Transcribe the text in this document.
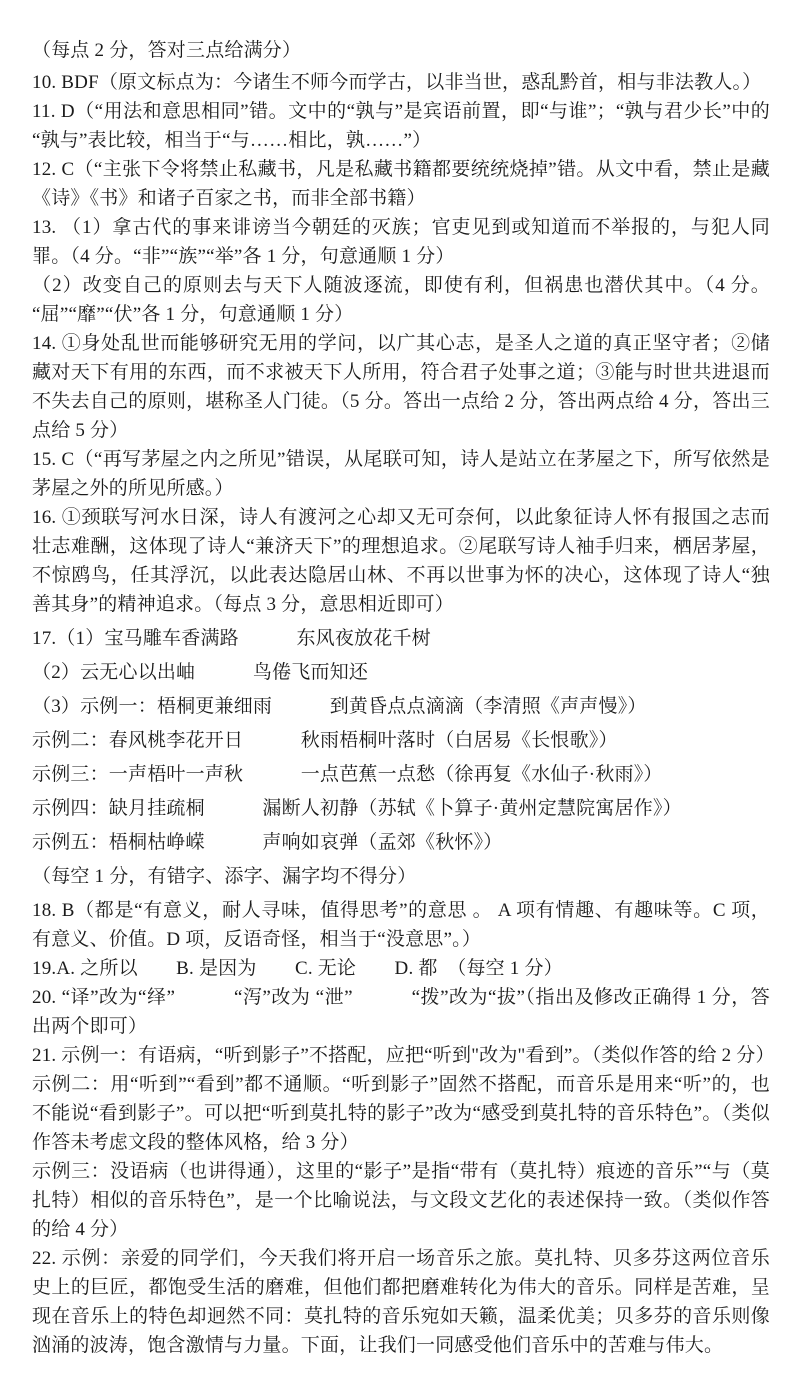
（每点 2 分，答对三点给满分）

10. BDF（原文标点为：今诸生不师今而学古，以非当世，惑乱黔首，相与非法教人。）

11. D（“用法和意思相同”错。文中的“孰与”是宾语前置，即“与谁”；“孰与君少长”中的“孰与”表比较，相当于“与……相比，孰……”）

12. C（“主张下令将禁止私藏书，凡是私藏书籍都要统统烧掉”错。从文中看，禁止是藏《诗》《书》和诸子百家之书，而非全部书籍）

13. （1）拿古代的事来诽谤当今朝廷的灭族；官吏见到或知道而不举报的，与犯人同罪。（4 分。“非”“族”“举”各 1 分，句意通顺 1 分）

（2）改变自己的原则去与天下人随波逐流，即使有利，但祸患也潜伏其中。（4 分。“屈”“靡”“伏”各 1 分，句意通顺 1 分）

14. ①身处乱世而能够研究无用的学问，以广其心志，是圣人之道的真正坚守者；②储藏对天下有用的东西，而不求被天下人所用，符合君子处事之道；③能与时世共进退而不失去自己的原则，堪称圣人门徒。（5 分。答出一点给 2 分，答出两点给 4 分，答出三点给 5 分）

15. C（“再写茅屋之内之所见”错误，从尾联可知，诗人是站立在茅屋之下，所写依然是茅屋之外的所见所感。）

16. ①颈联写河水日深，诗人有渡河之心却又无可奈何，以此象征诗人怀有报国之志而壮志难酬，这体现了诗人“兼济天下”的理想追求。②尾联写诗人袖手归来，栖居茅屋，不惊鸥鸟，任其浮沉，以此表达隐居山林、不再以世事为怀的决心，这体现了诗人“独善其身”的精神追求。（每点 3 分，意思相近即可）

17.（1）宝马雕车香满路　　　东风夜放花千树

（2）云无心以出岫　　　鸟倦飞而知还

（3）示例一：梧桐更兼细雨　　　到黄昏点点滴滴（李清照《声声慢》）

示例二：春风桃李花开日　　　秋雨梧桐叶落时（白居易《长恨歌》）

示例三：一声梧叶一声秋　　　一点芭蕉一点愁（徐再复《水仙子·秋雨》）

示例四：缺月挂疏桐　　　漏断人初静（苏轼《卜算子·黄州定慧院寓居作》）

示例五：梧桐枯峥嵘　　　声响如哀弹（孟郊《秋怀》）

（每空 1 分，有错字、添字、漏字均不得分）

18. B（都是“有意义，耐人寻味，值得思考”的意思 。 A 项有情趣、有趣味等。C 项，有意义、价值。D 项，反语奇怪，相当于“没意思”。）

19.A. 之所以　　B. 是因为　　C. 无论　　D. 都　（每空 1 分）

20. “译”改为“绎”　　　“泻”改为 “泄”　　　“拨”改为“拔”（指出及修改正确得 1 分，答出两个即可）

21. 示例一：有语病，“听到影子”不搭配，应把“听到"改为"看到”。（类似作答的给 2 分）

示例二：用“听到”“看到”都不通顺。“听到影子”固然不搭配，而音乐是用来“听”的，也不能说“看到影子”。可以把“听到莫扎特的影子”改为“感受到莫扎特的音乐特色”。（类似作答未考虑文段的整体风格，给 3 分）

示例三：没语病（也讲得通），这里的“影子”是指“带有（莫扎特）痕迹的音乐”“与（莫扎特）相似的音乐特色”，是一个比喻说法，与文段文艺化的表述保持一致。（类似作答的给 4 分）

22. 示例：亲爱的同学们，今天我们将开启一场音乐之旅。莫扎特、贝多芬这两位音乐史上的巨匠，都饱受生活的磨难，但他们都把磨难转化为伟大的音乐。同样是苦难，呈现在音乐上的特色却迥然不同：莫扎特的音乐宛如天籁，温柔优美；贝多芬的音乐则像汹涌的波涛，饱含激情与力量。下面，让我们一同感受他们音乐中的苦难与伟大。
